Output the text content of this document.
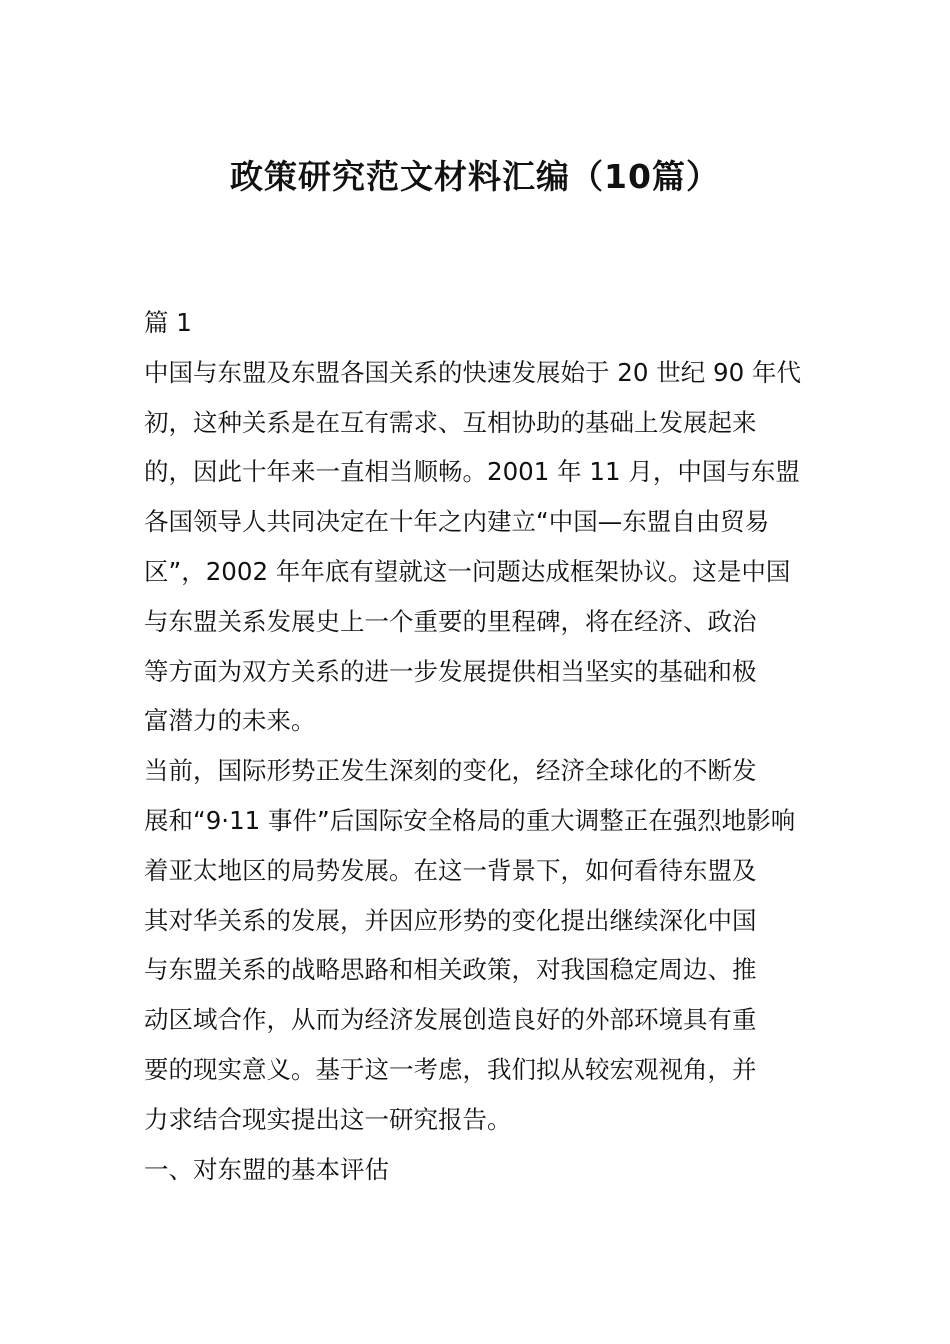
政策研究范文材料汇编（10篇）
篇 1
中国与东盟及东盟各国关系的快速发展始于 20 世纪 90 年代
初，这种关系是在互有需求、互相协助的基础上发展起来
的，因此十年来一直相当顺畅。2001 年 11 月，中国与东盟
各国领导人共同决定在十年之内建立“中国—东盟自由贸易
区”，2002 年年底有望就这一问题达成框架协议。这是中国
与东盟关系发展史上一个重要的里程碑，将在经济、政治
等方面为双方关系的进一步发展提供相当坚实的基础和极
富潜力的未来。
当前，国际形势正发生深刻的变化，经济全球化的不断发
展和“9·11 事件”后国际安全格局的重大调整正在强烈地影响
着亚太地区的局势发展。在这一背景下，如何看待东盟及
其对华关系的发展，并因应形势的变化提出继续深化中国
与东盟关系的战略思路和相关政策，对我国稳定周边、推
动区域合作，从而为经济发展创造良好的外部环境具有重
要的现实意义。基于这一考虑，我们拟从较宏观视角，并
力求结合现实提出这一研究报告。
一、对东盟的基本评估
